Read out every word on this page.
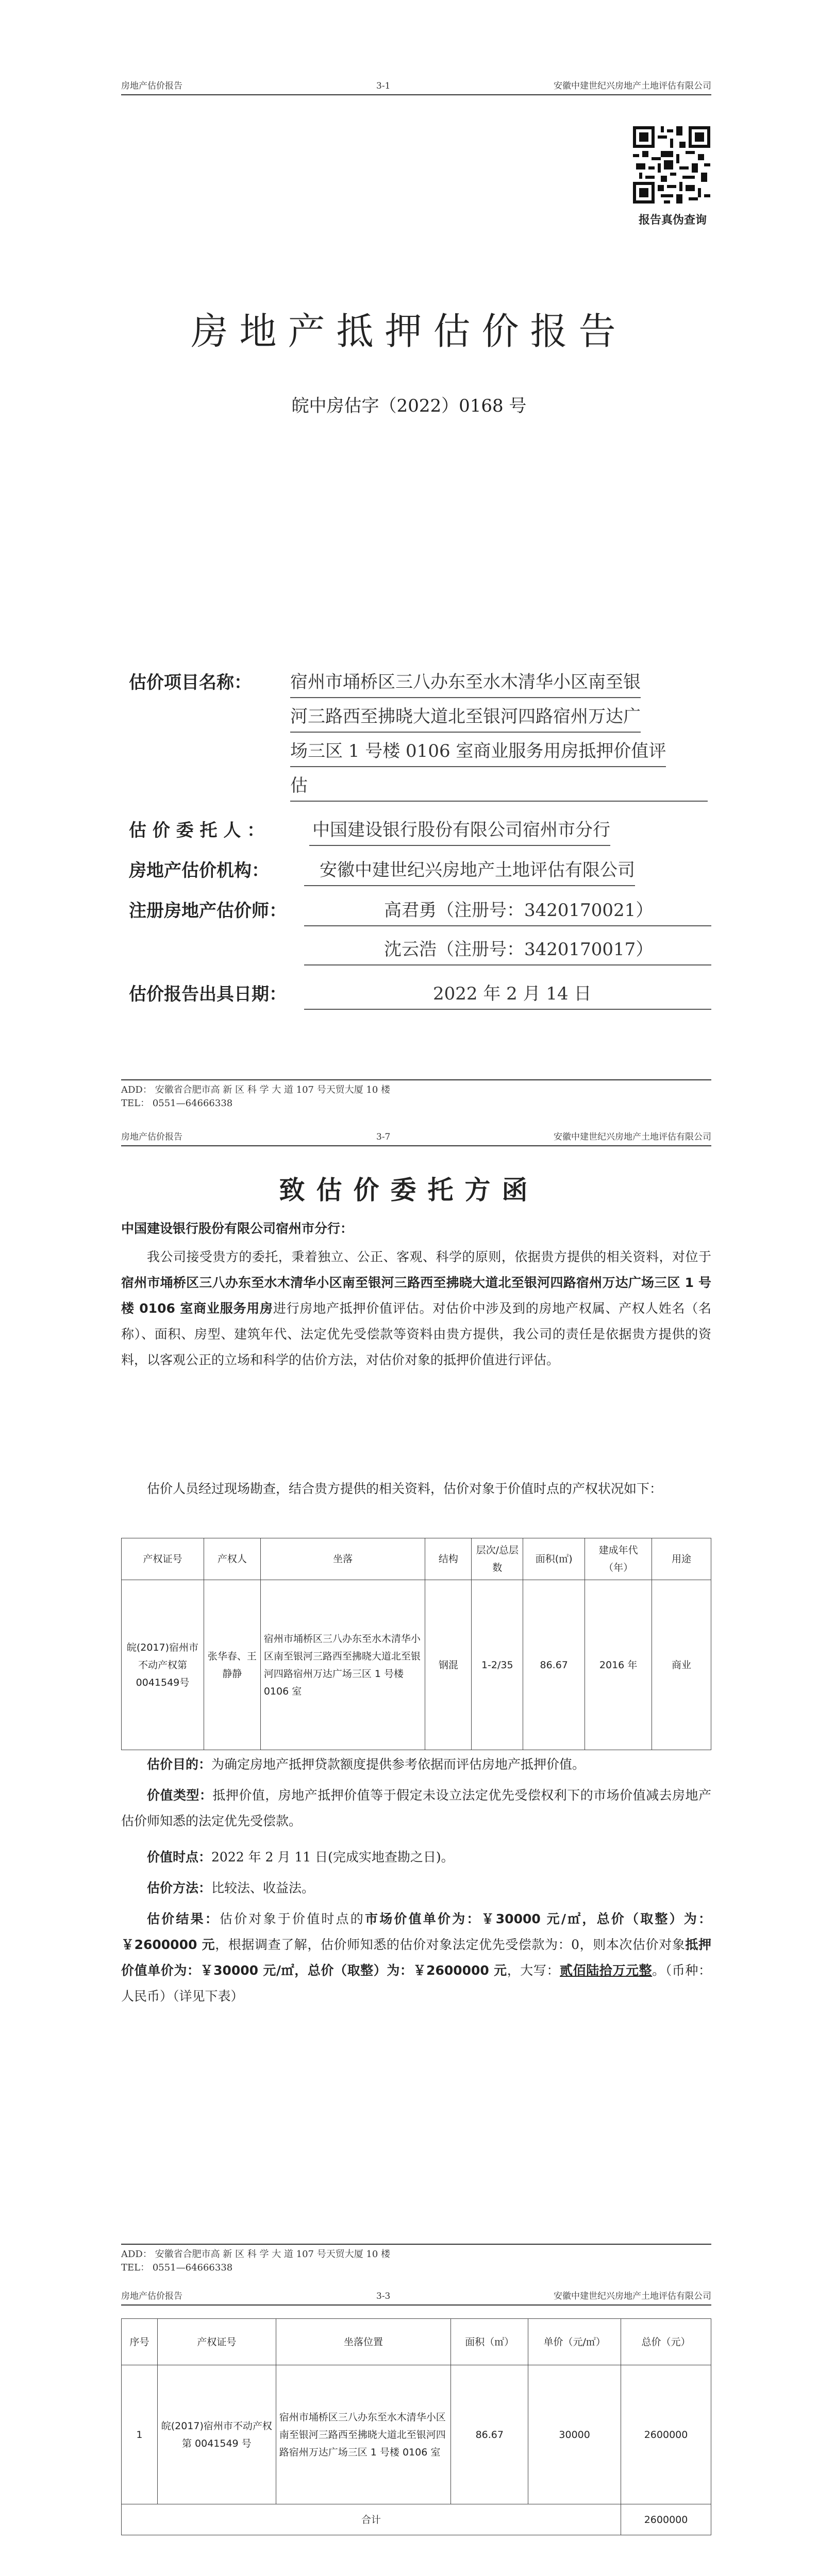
房地产估价报告	3-1	安徽中建世纪兴房地产土地评估有限公司
报告真伪查询
房地产抵押估价报告
皖中房估字（2022）0168 号
估价项目名称： 宿州市埇桥区三八办东至水木清华小区南至银
河三路西至拂晓大道北至银河四路宿州万达广
场三区 1 号楼 0106 室商业服务用房抵押价值评
估
估 价 委 托 人 ：	中国建设银行股份有限公司宿州市分行
房地产估价机构：	安徽中建世纪兴房地产土地评估有限公司
注册房地产估价师：	高君勇（注册号：3420170021）
沈云浩（注册号：3420170017）
估价报告出具日期：	2022 年 2 月 14 日
ADD： 安徽省合肥市高 新 区 科 学 大 道 107 号天贸大厦 10 楼
TEL： 0551—64666338
房地产估价报告	3-7	安徽中建世纪兴房地产土地评估有限公司
致估价委托方函
中国建设银行股份有限公司宿州市分行：
我公司接受贵方的委托，秉着独立、公正、客观、科学的原则，依据贵方提供的相关资料，对位于宿州市埇桥区三八办东至水木清华小区南至银河三路西至拂晓大道北至银河四路宿州万达广场三区 1 号楼 0106 室商业服务用房进行房地产抵押价值评估。对估价中涉及到的房地产权属、产权人姓名（名称）、面积、房型、建筑年代、法定优先受偿款等资料由贵方提供，我公司的责任是依据贵方提供的资料，以客观公正的立场和科学的估价方法，对估价对象的抵押价值进行评估。
估价人员经过现场勘查，结合贵方提供的相关资料，估价对象于价值时点的产权状况如下：
产权证号	产权人	坐落	结构	层次/总层数	面积(㎡)	建成年代（年）	用途
皖(2017)宿州市不动产权第0041549号	张华春、王静静	宿州市埇桥区三八办东至水木清华小区南至银河三路西至拂晓大道北至银河四路宿州万达广场三区 1 号楼 0106 室	钢混	1-2/35	86.67	2016 年	商业
估价目的：为确定房地产抵押贷款额度提供参考依据而评估房地产抵押价值。
价值类型：抵押价值，房地产抵押价值等于假定未设立法定优先受偿权利下的市场价值减去房地产估价师知悉的法定优先受偿款。
价值时点：2022 年 2 月 11 日(完成实地查勘之日)。
估价方法：比较法、收益法。
估价结果：估价对象于价值时点的市场价值单价为：￥30000 元/㎡，总价（取整）为：￥2600000 元，根据调查了解，估价师知悉的估价对象法定优先受偿款为：0，则本次估价对象抵押价值单价为：￥30000 元/㎡，总价（取整）为：￥2600000 元，大写：贰佰陆拾万元整。（币种：人民币）（详见下表）
ADD： 安徽省合肥市高 新 区 科 学 大 道 107 号天贸大厦 10 楼
TEL： 0551—64666338
房地产估价报告	3-3	安徽中建世纪兴房地产土地评估有限公司
序号	产权证号	坐落位置	面积（㎡）	单价（元/㎡）	总价（元）
1	皖(2017)宿州市不动产权第 0041549 号	宿州市埇桥区三八办东至水木清华小区南至银河三路西至拂晓大道北至银河四路宿州万达广场三区 1 号楼 0106 室	86.67	30000	2600000
合计					2600000
